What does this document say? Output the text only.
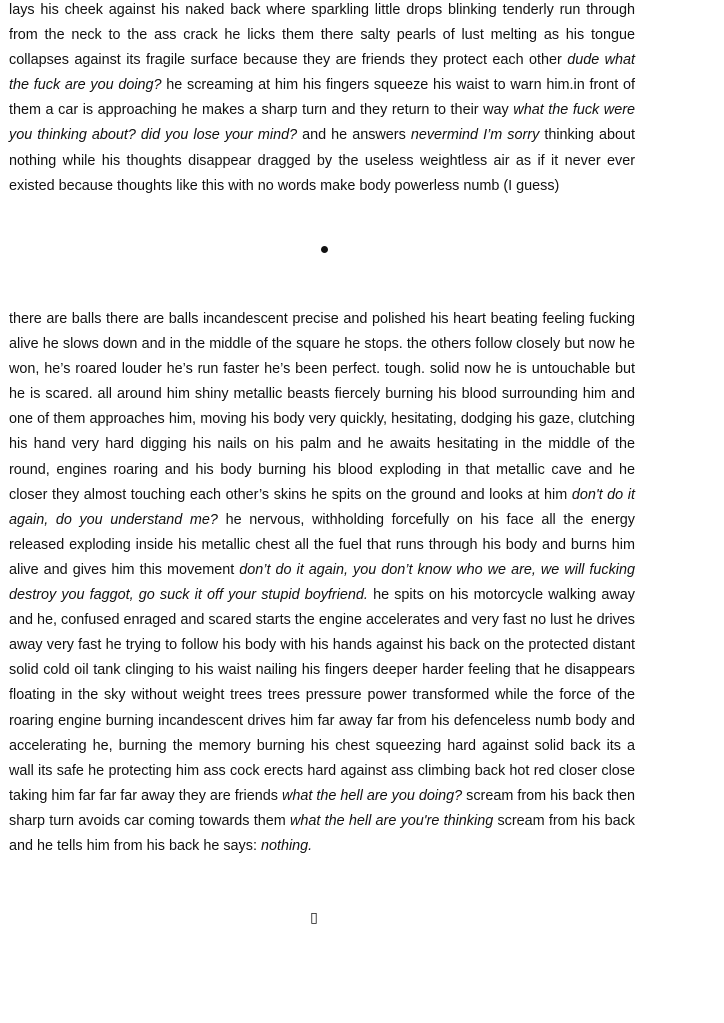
lays his cheek against his naked back where sparkling little drops blinking tenderly run through from the neck to the ass crack he licks them there salty pearls of lust melting as his tongue collapses against its fragile surface because they are friends they protect each other dude what the fuck are you doing? he screaming at him his fingers squeeze his waist to warn him.in front of them a car is approaching he makes a sharp turn and they return to their way what the fuck were you thinking about? did you lose your mind? and he answers nevermind I’m sorry thinking about nothing while his thoughts disappear dragged by the useless weightless air as if it never ever existed because thoughts like this with no words make body powerless numb (I guess)

there are balls there are balls incandescent precise and polished his heart beating feeling fucking alive he slows down and in the middle of the square he stops. the others follow closely but now he won, he’s roared louder he’s run faster he’s been perfect. tough. solid now he is untouchable but he is scared. all around him shiny metallic beasts fiercely burning his blood surrounding him and one of them approaches him, moving his body very quickly, hesitating, dodging his gaze, clutching his hand very hard digging his nails on his palm and he awaits hesitating in the middle of the round, engines roaring and his body burning his blood exploding in that metallic cave and he closer they almost touching each other’s skins he spits on the ground and looks at him don't do it again, do you understand me? he nervous, withholding forcefully on his face all the energy released exploding inside his metallic chest all the fuel that runs through his body and burns him alive and gives him this movement don’t do it again, you don’t know who we are, we will fucking destroy you faggot, go suck it off your stupid boyfriend. he spits on his motorcycle walking away and he, confused enraged and scared starts the engine accelerates and very fast no lust he drives away very fast he trying to follow his body with his hands against his back on the protected distant solid cold oil tank clinging to his waist nailing his fingers deeper harder feeling that he disappears floating in the sky without weight trees trees pressure power transformed while the force of the roaring engine burning incandescent drives him far away far from his defenceless numb body and accelerating he, burning the memory burning his chest squeezing hard against solid back its a wall its safe he protecting him ass cock erects hard against ass climbing back hot red closer close taking him far far far away they are friends what the hell are you doing? scream from his back then sharp turn avoids car coming towards them what the hell are you're thinking scream from his back and he tells him from his back he says: nothing.

▯
